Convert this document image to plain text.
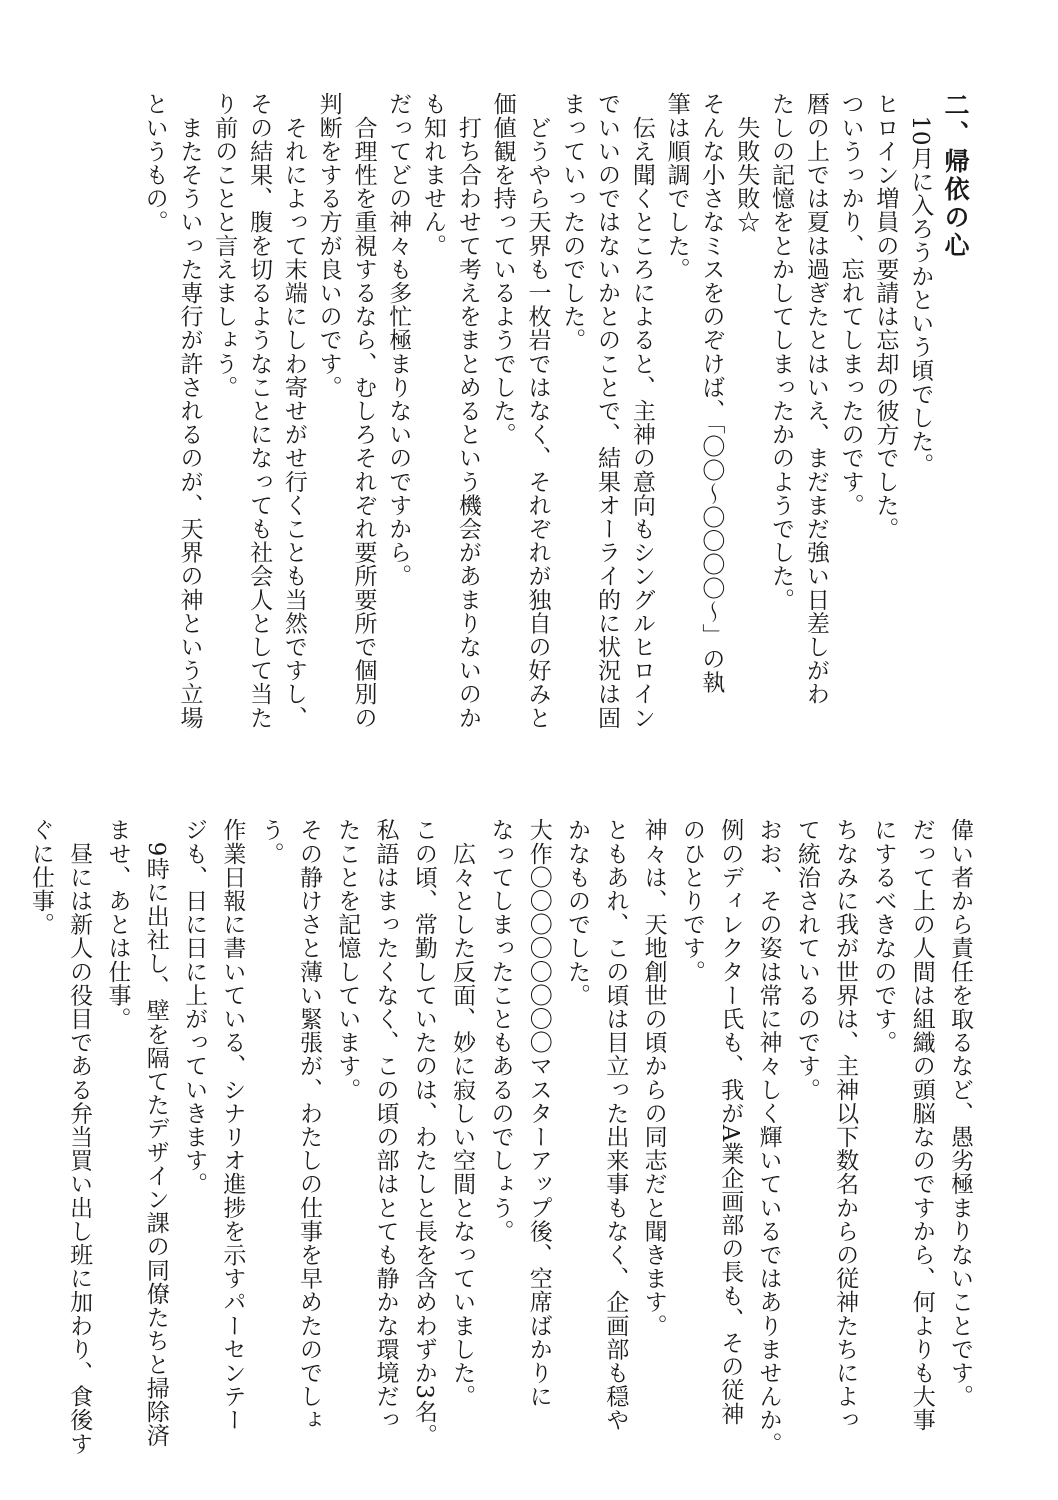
二、帰依の心
　10月に入ろうかという頃でした。
ヒロイン増員の要請は忘却の彼方でした。
ついうっかり、忘れてしまったのです。
暦の上では夏は過ぎたとはいえ、まだまだ強い日差しがわ
たしの記憶をとかしてしまったかのようでした。
　失敗失敗☆
そんな小さなミスをのぞけば、「〇〇～〇〇〇〇～」の執
筆は順調でした。
　伝え聞くところによると、主神の意向もシングルヒロイン
でいいのではないかとのことで、結果オーライ的に状況は固
まっていったのでした。
　どうやら天界も一枚岩ではなく、それぞれが独自の好みと
価値観を持っているようでした。
　打ち合わせて考えをまとめるという機会があまりないのか
も知れません。
だってどの神々も多忙極まりないのですから。
　合理性を重視するなら、むしろそれぞれ要所要所で個別の
判断をする方が良いのです。
　それによって末端にしわ寄せがせ行くことも当然ですし、
その結果、腹を切るようなことになっても社会人として当た
り前のことと言えましょう。
　またそういった専行が許されるのが、天界の神という立場
というもの。
偉い者から責任を取るなど、愚劣極まりないことです。
だって上の人間は組織の頭脳なのですから、何よりも大事
にするべきなのです。
ちなみに我が世界は、主神以下数名からの従神たちによっ
て統治されているのです。
おお、その姿は常に神々しく輝いているではありませんか。
例のディレクター氏も、我がA業企画部の長も、その従神
のひとりです。
神々は、天地創世の頃からの同志だと聞きます。
ともあれ、この頃は目立った出来事もなく、企画部も穏や
かなものでした。
大作〇〇〇〇〇〇〇〇マスターアップ後、空席ばかりに
なってしまったこともあるのでしょう。
　広々とした反面、妙に寂しい空間となっていました。
この頃、常勤していたのは、わたしと長を含めわずか3名。
私語はまったくなく、この頃の部はとても静かな環境だっ
たことを記憶しています。
その静けさと薄い緊張が、わたしの仕事を早めたのでしょ
う。
作業日報に書いている、シナリオ進捗を示すパーセンテー
ジも、日に日に上がっていきます。
　9時に出社し、壁を隔てたデザイン課の同僚たちと掃除済
ませ、あとは仕事。
　昼には新人の役目である弁当買い出し班に加わり、食後す
ぐに仕事。
